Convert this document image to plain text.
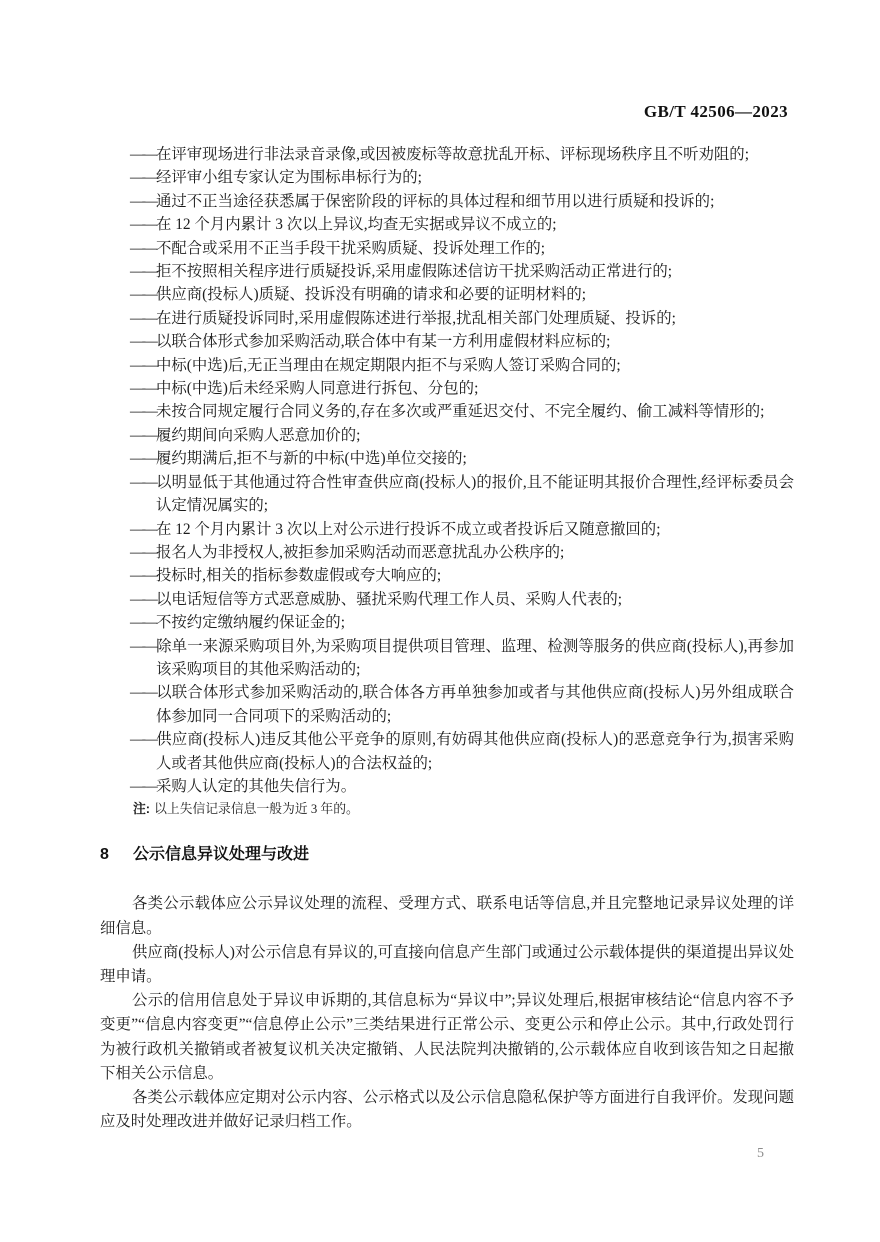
GB/T 42506—2023
——在评审现场进行非法录音录像,或因被废标等故意扰乱开标、评标现场秩序且不听劝阻的;
——经评审小组专家认定为围标串标行为的;
——通过不正当途径获悉属于保密阶段的评标的具体过程和细节用以进行质疑和投诉的;
——在 12 个月内累计 3 次以上异议,均查无实据或异议不成立的;
——不配合或采用不正当手段干扰采购质疑、投诉处理工作的;
——拒不按照相关程序进行质疑投诉,采用虚假陈述信访干扰采购活动正常进行的;
——供应商(投标人)质疑、投诉没有明确的请求和必要的证明材料的;
——在进行质疑投诉同时,采用虚假陈述进行举报,扰乱相关部门处理质疑、投诉的;
——以联合体形式参加采购活动,联合体中有某一方利用虚假材料应标的;
——中标(中选)后,无正当理由在规定期限内拒不与采购人签订采购合同的;
——中标(中选)后未经采购人同意进行拆包、分包的;
——未按合同规定履行合同义务的,存在多次或严重延迟交付、不完全履约、偷工减料等情形的;
——履约期间向采购人恶意加价的;
——履约期满后,拒不与新的中标(中选)单位交接的;
——以明显低于其他通过符合性审查供应商(投标人)的报价,且不能证明其报价合理性,经评标委员会认定情况属实的;
——在 12 个月内累计 3 次以上对公示进行投诉不成立或者投诉后又随意撤回的;
——报名人为非授权人,被拒参加采购活动而恶意扰乱办公秩序的;
——投标时,相关的指标参数虚假或夸大响应的;
——以电话短信等方式恶意威胁、骚扰采购代理工作人员、采购人代表的;
——不按约定缴纳履约保证金的;
——除单一来源采购项目外,为采购项目提供项目管理、监理、检测等服务的供应商(投标人),再参加该采购项目的其他采购活动的;
——以联合体形式参加采购活动的,联合体各方再单独参加或者与其他供应商(投标人)另外组成联合体参加同一合同项下的采购活动的;
——供应商(投标人)违反其他公平竞争的原则,有妨碍其他供应商(投标人)的恶意竞争行为,损害采购人或者其他供应商(投标人)的合法权益的;
——采购人认定的其他失信行为。
注: 以上失信记录信息一般为近 3 年的。
8 公示信息异议处理与改进

各类公示载体应公示异议处理的流程、受理方式、联系电话等信息,并且完整地记录异议处理的详细信息。

供应商(投标人)对公示信息有异议的,可直接向信息产生部门或通过公示载体提供的渠道提出异议处理申请。

公示的信用信息处于异议申诉期的,其信息标为“异议中”;异议处理后,根据审核结论“信息内容不予变更”“信息内容变更”“信息停止公示”三类结果进行正常公示、变更公示和停止公示。其中,行政处罚行为被行政机关撤销或者被复议机关决定撤销、人民法院判决撤销的,公示载体应自收到该告知之日起撤下相关公示信息。

各类公示载体应定期对公示内容、公示格式以及公示信息隐私保护等方面进行自我评价。发现问题应及时处理改进并做好记录归档工作。

5
